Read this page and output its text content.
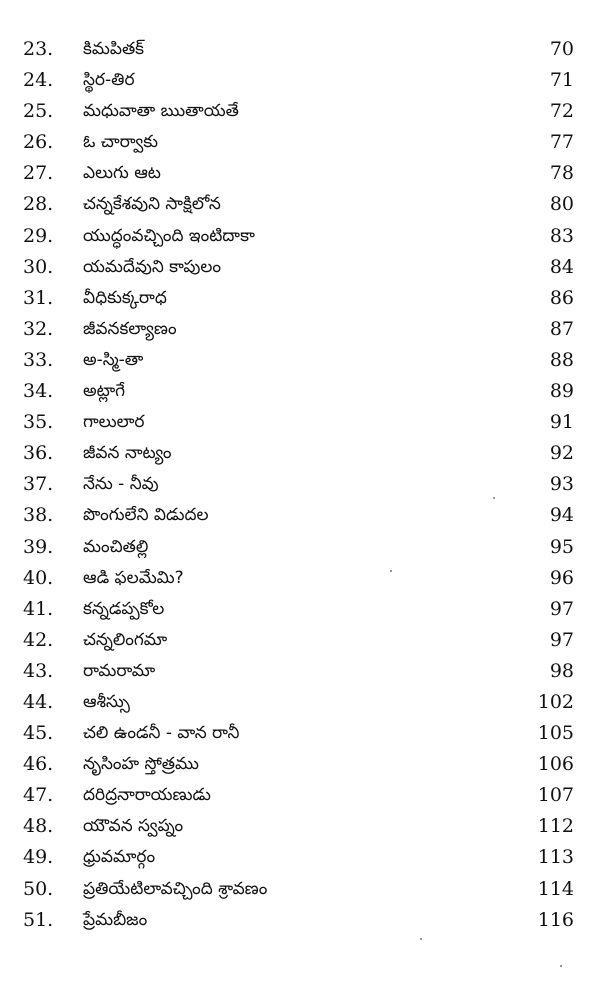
23. కిమపితక్	70
24. స్థిర-తిర	71
25. మధువాతా ఋతాయతే	72
26. ఓ చార్వాకు	77
27. ఎలుగు ఆట	78
28. చన్నకేశవుని సాక్షిలోన	80
29. యుద్ధంవచ్చింది ఇంటిదాకా	83
30. యమదేవుని కాపులం	84
31. వీధికుక్కరాధ	86
32. జీవనకల్యాణం	87
33. అ-స్మి-తా	88
34. అట్లాగే	89
35. గాలులార	91
36. జీవన నాట్యం	92
37. నేను - నీవు	93
38. పొంగులేని విడుదల	94
39. మంచితల్లి	95
40. ఆడి ఫలమేమి?	96
41. కన్నడప్పకోల	97
42. చన్నలింగమా	97
43. రామరామా	98
44. ఆశీస్సు	102
45. చలి ఉండనీ - వాన రానీ	105
46. నృసింహ స్తోత్రము	106
47. దరిద్రనారాయణుడు	107
48. యౌవన స్వప్నం	112
49. ధ్రువమార్గం	113
50. ప్రతియేటిలావచ్చింది శ్రావణం	114
51. ప్రేమబీజం	116
